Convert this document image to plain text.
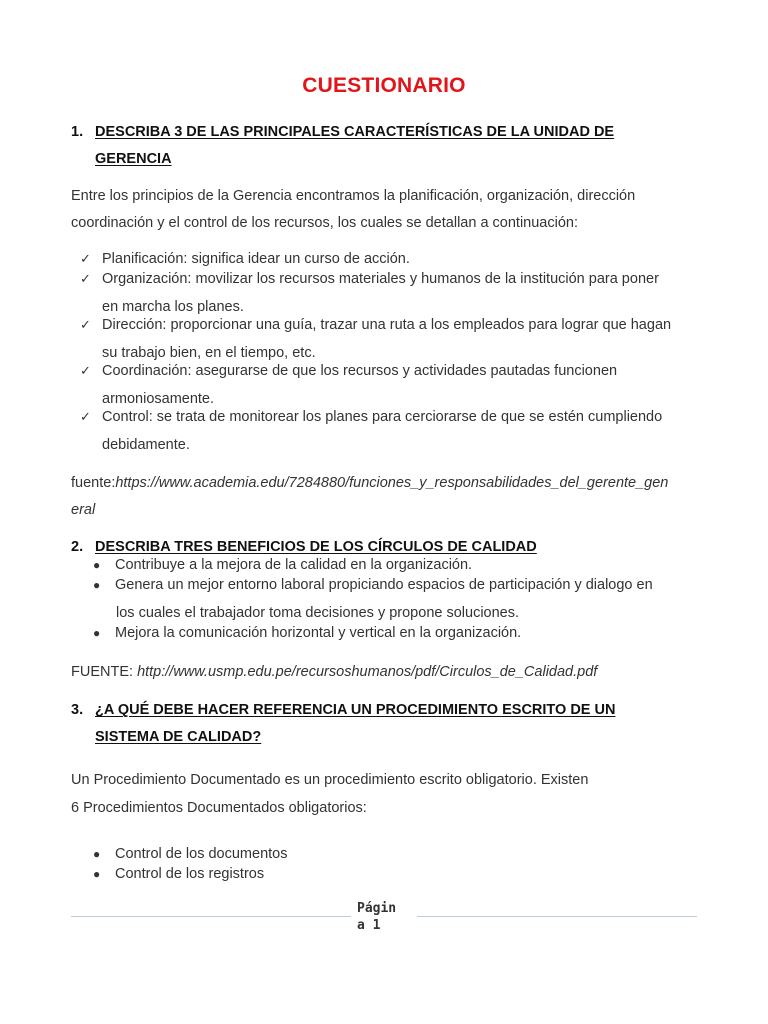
CUESTIONARIO
1. DESCRIBA 3 DE LAS PRINCIPALES CARACTERÍSTICAS DE LA UNIDAD DE
GERENCIA
Entre los principios de la Gerencia encontramos la planificación, organización, dirección
coordinación y el control de los recursos, los cuales se detallan a continuación:
✓ Planificación: significa idear un curso de acción.
✓ Organización: movilizar los recursos materiales y humanos de la institución para poner
en marcha los planes.
✓ Dirección: proporcionar una guía, trazar una ruta a los empleados para lograr que hagan
su trabajo bien, en el tiempo, etc.
✓ Coordinación: asegurarse de que los recursos y actividades pautadas funcionen
armoniosamente.
✓ Control: se trata de monitorear los planes para cerciorarse de que se estén cumpliendo
debidamente.
fuente:https://www.academia.edu/7284880/funciones_y_responsabilidades_del_gerente_gen
eral
2. DESCRIBA TRES BENEFICIOS DE LOS CÍRCULOS DE CALIDAD
● Contribuye a la mejora de la calidad en la organización.
● Genera un mejor entorno laboral propiciando espacios de participación y dialogo en
los cuales el trabajador toma decisiones y propone soluciones.
● Mejora la comunicación horizontal y vertical en la organización.
FUENTE: http://www.usmp.edu.pe/recursoshumanos/pdf/Circulos_de_Calidad.pdf
3. ¿A QUÉ DEBE HACER REFERENCIA UN PROCEDIMIENTO ESCRITO DE UN
SISTEMA DE CALIDAD?
Un Procedimiento Documentado es un procedimiento escrito obligatorio. Existen
6 Procedimientos Documentados obligatorios:
● Control de los documentos
● Control de los registros
Págin
a 1
